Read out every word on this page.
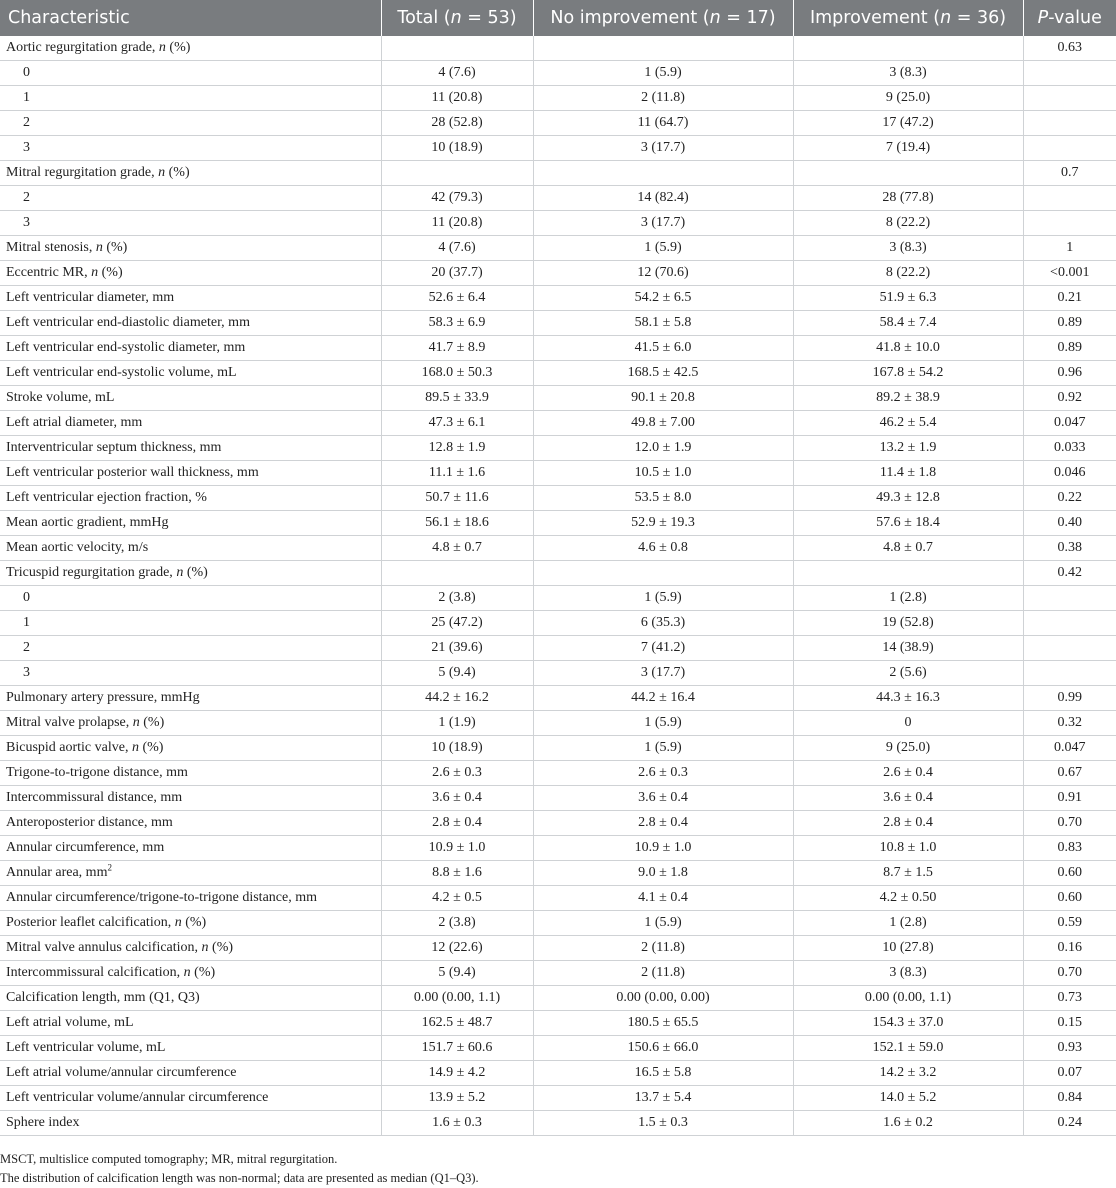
Characteristic	Total (n = 53)	No improvement (n = 17)	Improvement (n = 36)	P-value
Aortic regurgitation grade, n (%)				0.63
0	4 (7.6)	1 (5.9)	3 (8.3)	
1	11 (20.8)	2 (11.8)	9 (25.0)	
2	28 (52.8)	11 (64.7)	17 (47.2)	
3	10 (18.9)	3 (17.7)	7 (19.4)	
Mitral regurgitation grade, n (%)				0.7
2	42 (79.3)	14 (82.4)	28 (77.8)	
3	11 (20.8)	3 (17.7)	8 (22.2)	
Mitral stenosis, n (%)	4 (7.6)	1 (5.9)	3 (8.3)	1
Eccentric MR, n (%)	20 (37.7)	12 (70.6)	8 (22.2)	<0.001
Left ventricular diameter, mm	52.6 ± 6.4	54.2 ± 6.5	51.9 ± 6.3	0.21
Left ventricular end-diastolic diameter, mm	58.3 ± 6.9	58.1 ± 5.8	58.4 ± 7.4	0.89
Left ventricular end-systolic diameter, mm	41.7 ± 8.9	41.5 ± 6.0	41.8 ± 10.0	0.89
Left ventricular end-systolic volume, mL	168.0 ± 50.3	168.5 ± 42.5	167.8 ± 54.2	0.96
Stroke volume, mL	89.5 ± 33.9	90.1 ± 20.8	89.2 ± 38.9	0.92
Left atrial diameter, mm	47.3 ± 6.1	49.8 ± 7.00	46.2 ± 5.4	0.047
Interventricular septum thickness, mm	12.8 ± 1.9	12.0 ± 1.9	13.2 ± 1.9	0.033
Left ventricular posterior wall thickness, mm	11.1 ± 1.6	10.5 ± 1.0	11.4 ± 1.8	0.046
Left ventricular ejection fraction, %	50.7 ± 11.6	53.5 ± 8.0	49.3 ± 12.8	0.22
Mean aortic gradient, mmHg	56.1 ± 18.6	52.9 ± 19.3	57.6 ± 18.4	0.40
Mean aortic velocity, m/s	4.8 ± 0.7	4.6 ± 0.8	4.8 ± 0.7	0.38
Tricuspid regurgitation grade, n (%)				0.42
0	2 (3.8)	1 (5.9)	1 (2.8)	
1	25 (47.2)	6 (35.3)	19 (52.8)	
2	21 (39.6)	7 (41.2)	14 (38.9)	
3	5 (9.4)	3 (17.7)	2 (5.6)	
Pulmonary artery pressure, mmHg	44.2 ± 16.2	44.2 ± 16.4	44.3 ± 16.3	0.99
Mitral valve prolapse, n (%)	1 (1.9)	1 (5.9)	0	0.32
Bicuspid aortic valve, n (%)	10 (18.9)	1 (5.9)	9 (25.0)	0.047
Trigone-to-trigone distance, mm	2.6 ± 0.3	2.6 ± 0.3	2.6 ± 0.4	0.67
Intercommissural distance, mm	3.6 ± 0.4	3.6 ± 0.4	3.6 ± 0.4	0.91
Anteroposterior distance, mm	2.8 ± 0.4	2.8 ± 0.4	2.8 ± 0.4	0.70
Annular circumference, mm	10.9 ± 1.0	10.9 ± 1.0	10.8 ± 1.0	0.83
Annular area, $mm^2$	8.8 ± 1.6	9.0 ± 1.8	8.7 ± 1.5	0.60
Annular circumference/trigone-to-trigone distance, mm	4.2 ± 0.5	4.1 ± 0.4	4.2 ± 0.50	0.60
Posterior leaflet calcification, n (%)	2 (3.8)	1 (5.9)	1 (2.8)	0.59
Mitral valve annulus calcification, n (%)	12 (22.6)	2 (11.8)	10 (27.8)	0.16
Intercommissural calcification, n (%)	5 (9.4)	2 (11.8)	3 (8.3)	0.70
Calcification length, mm (Q1, Q3)	0.00 (0.00, 1.1)	0.00 (0.00, 0.00)	0.00 (0.00, 1.1)	0.73
Left atrial volume, mL	162.5 ± 48.7	180.5 ± 65.5	154.3 ± 37.0	0.15
Left ventricular volume, mL	151.7 ± 60.6	150.6 ± 66.0	152.1 ± 59.0	0.93
Left atrial volume/annular circumference	14.9 ± 4.2	16.5 ± 5.8	14.2 ± 3.2	0.07
Left ventricular volume/annular circumference	13.9 ± 5.2	13.7 ± 5.4	14.0 ± 5.2	0.84
Sphere index	1.6 ± 0.3	1.5 ± 0.3	1.6 ± 0.2	0.24
MSCT, multislice computed tomography; MR, mitral regurgitation.
The distribution of calcification length was non-normal; data are presented as median (Q1–Q3).
